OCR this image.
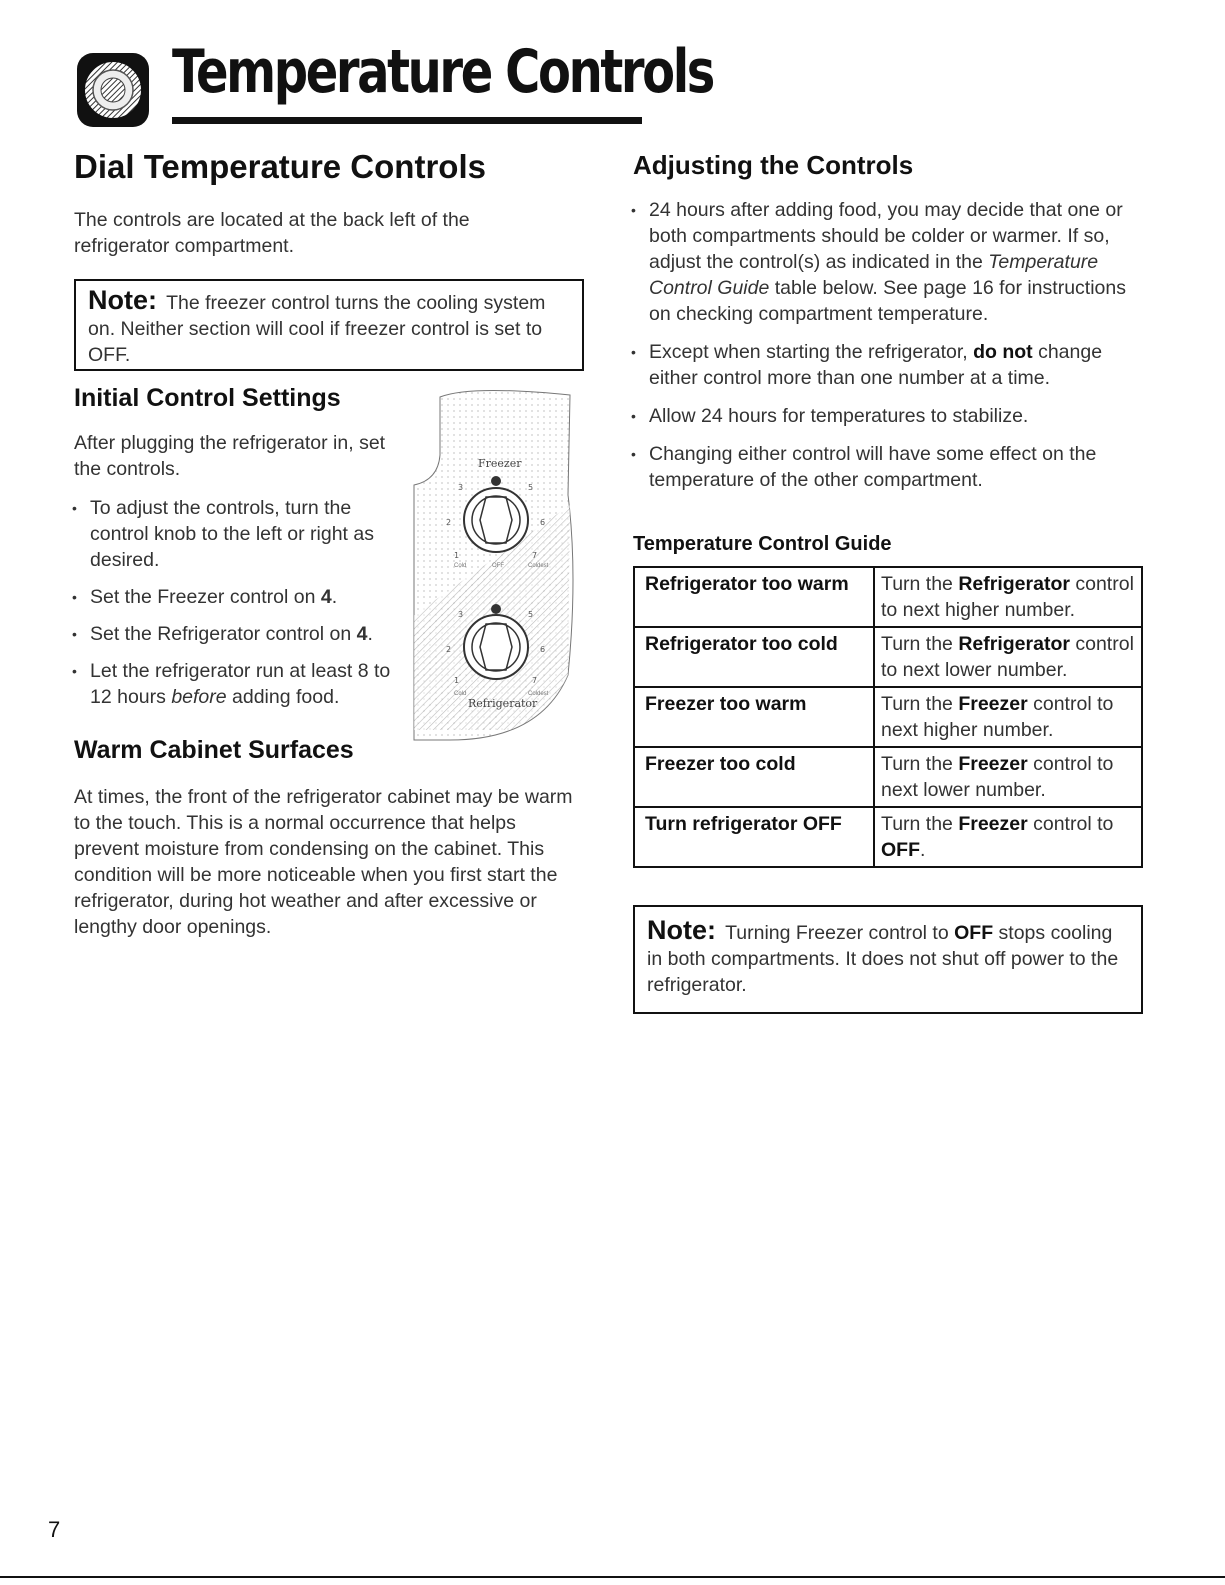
Temperature Controls
Dial Temperature Controls

The controls are located at the back left of the refrigerator compartment.

Note: The freezer control turns the cooling system on. Neither section will cool if freezer control is set to OFF.
Initial Control Settings

After plugging the refrigerator in, set the controls.

• To adjust the controls, turn the control knob to the left or right as desired.
• Set the Freezer control on 4.
• Set the Refrigerator control on 4.
• Let the refrigerator run at least 8 to 12 hours before adding food.
Freezer
3
2
1
5
6
7
Cold	OFF	Coldest
3
2
1
5
6
7
Cold	Coldest
Refrigerator
Warm Cabinet Surfaces

At times, the front of the refrigerator cabinet may be warm to the touch. This is a normal occurrence that helps prevent moisture from condensing on the cabinet. This condition will be more noticeable when you first start the refrigerator, during hot weather and after excessive or lengthy door openings.

Adjusting the Controls
• 24 hours after adding food, you may decide that one or both compartments should be colder or warmer. If so, adjust the control(s) as indicated in the Temperature Control Guide table below. See page 16 for instructions on checking compartment temperature.
• Except when starting the refrigerator, do not change either control more than one number at a time.
• Allow 24 hours for temperatures to stabilize.
• Changing either control will have some effect on the temperature of the other compartment.

Temperature Control Guide

Refrigerator too warm	Turn the Refrigerator control to next higher number.
Refrigerator too cold	Turn the Refrigerator control to next lower number.
Freezer too warm	Turn the Freezer control to next higher number.
Freezer too cold	Turn the Freezer control to next lower number.
Turn refrigerator OFF	Turn the Freezer control to OFF.
Note: Turning Freezer control to OFF stops cooling in both compartments. It does not shut off power to the refrigerator.
7
